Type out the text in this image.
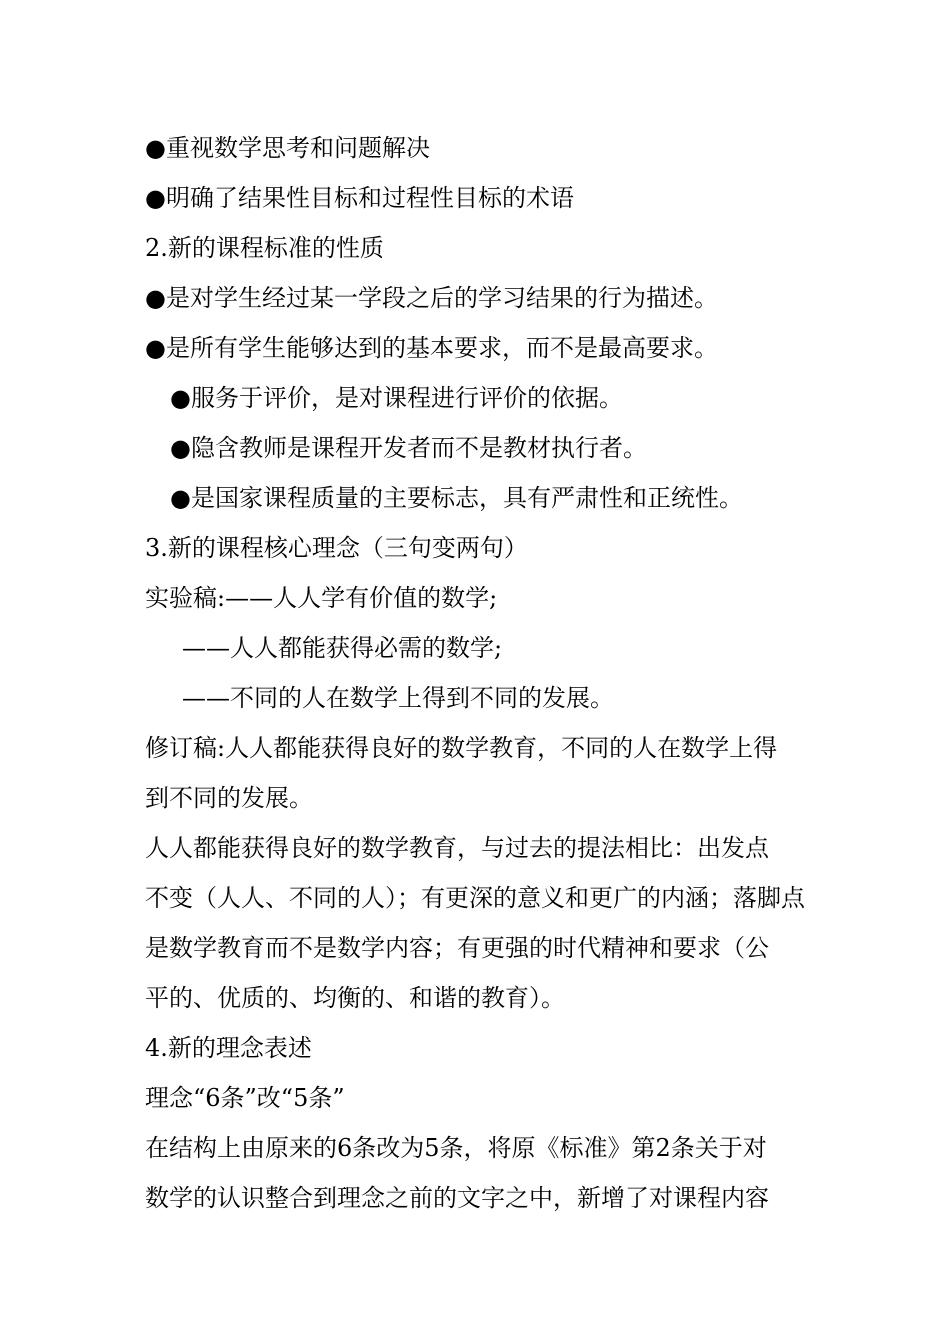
●重视数学思考和问题解决
●明确了结果性目标和过程性目标的术语
2.新的课程标准的性质
●是对学生经过某一学段之后的学习结果的行为描述。
●是所有学生能够达到的基本要求，而不是最高要求。
●服务于评价，是对课程进行评价的依据。
●隐含教师是课程开发者而不是教材执行者。
●是国家课程质量的主要标志，具有严肃性和正统性。
3.新的课程核心理念（三句变两句）
实验稿:——人人学有价值的数学;
——人人都能获得必需的数学;
——不同的人在数学上得到不同的发展。
修订稿:人人都能获得良好的数学教育，不同的人在数学上得
到不同的发展。
人人都能获得良好的数学教育，与过去的提法相比：出发点
不变（人人、不同的人）；有更深的意义和更广的内涵；落脚点
是数学教育而不是数学内容；有更强的时代精神和要求（公
平的、优质的、均衡的、和谐的教育）。
4.新的理念表述
理念“6条”改“5条”
在结构上由原来的6条改为5条，将原《标准》第2条关于对
数学的认识整合到理念之前的文字之中，新增了对课程内容
